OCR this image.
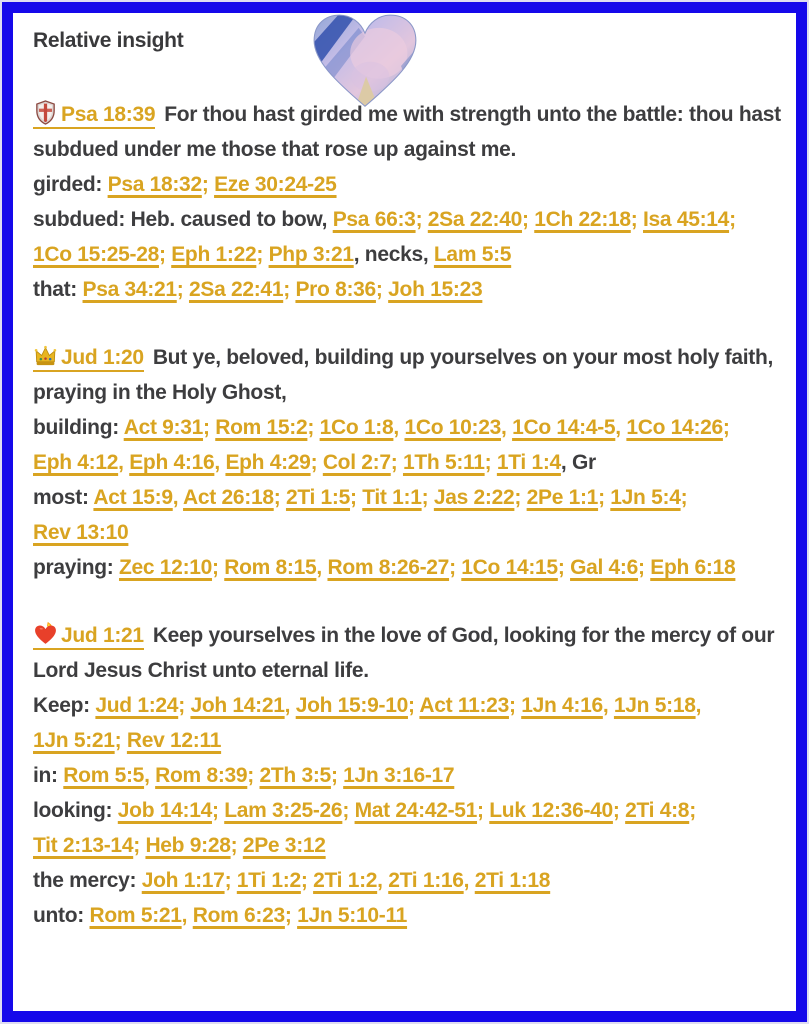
Relative insight

Psa 18:39 For thou hast girded me with strength unto the battle: thou hast subdued under me those that rose up against me.

girded: Psa 18:32; Eze 30:24-25

subdued: Heb. caused to bow, Psa 66:3; 2Sa 22:40; 1Ch 22:18; Isa 45:14; 1Co 15:25-28; Eph 1:22; Php 3:21, necks, Lam 5:5

that: Psa 34:21; 2Sa 22:41; Pro 8:36; Joh 15:23

Jud 1:20 But ye, beloved, building up yourselves on your most holy faith, praying in the Holy Ghost,

building: Act 9:31; Rom 15:2; 1Co 1:8, 1Co 10:23, 1Co 14:4-5, 1Co 14:26; Eph 4:12, Eph 4:16, Eph 4:29; Col 2:7; 1Th 5:11; 1Ti 1:4, Gr

most: Act 15:9, Act 26:18; 2Ti 1:5; Tit 1:1; Jas 2:22; 2Pe 1:1; 1Jn 5:4; Rev 13:10

praying: Zec 12:10; Rom 8:15, Rom 8:26-27; 1Co 14:15; Gal 4:6; Eph 6:18

Jud 1:21 Keep yourselves in the love of God, looking for the mercy of our Lord Jesus Christ unto eternal life.

Keep: Jud 1:24; Joh 14:21, Joh 15:9-10; Act 11:23; 1Jn 4:16, 1Jn 5:18, 1Jn 5:21; Rev 12:11

in: Rom 5:5, Rom 8:39; 2Th 3:5; 1Jn 3:16-17

looking: Job 14:14; Lam 3:25-26; Mat 24:42-51; Luk 12:36-40; 2Ti 4:8; Tit 2:13-14; Heb 9:28; 2Pe 3:12

the mercy: Joh 1:17; 1Ti 1:2; 2Ti 1:2, 2Ti 1:16, 2Ti 1:18

unto: Rom 5:21, Rom 6:23; 1Jn 5:10-11
